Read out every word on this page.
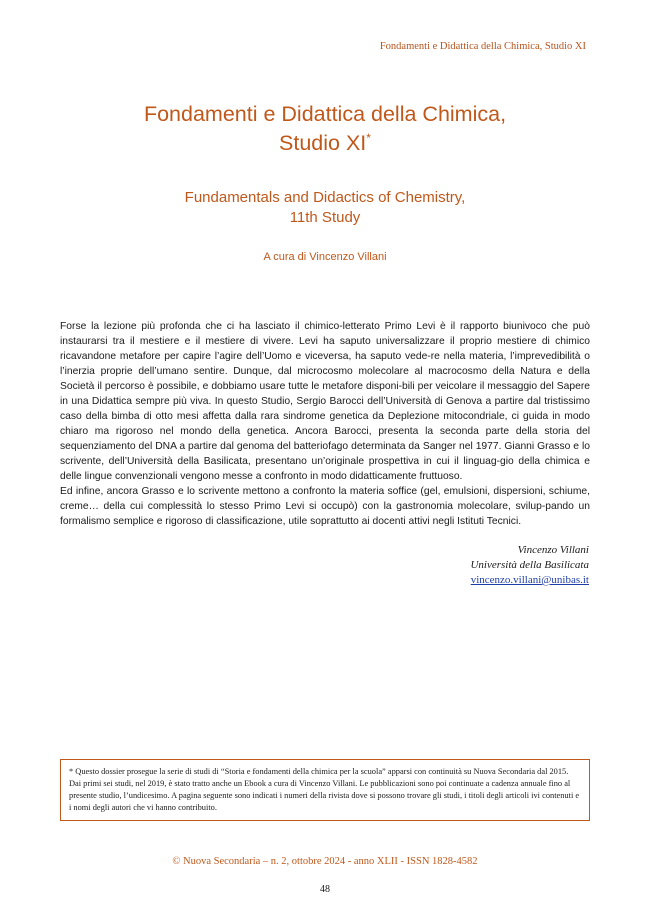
Fondamenti e Didattica della Chimica, Studio XI
Fondamenti e Didattica della Chimica,
Studio XI*
Fundamentals and Didactics of Chemistry,
11th Study
A cura di Vincenzo Villani

Forse la lezione più profonda che ci ha lasciato il chimico-letterato Primo Levi è il rapporto biunivoco che può instaurarsi tra il mestiere e il mestiere di vivere. Levi ha saputo universalizzare il proprio mestiere di chimico ricavandone metafore per capire l’agire dell’Uomo e viceversa, ha saputo vede-re nella materia, l’imprevedibilità o l’inerzia proprie dell’umano sentire. Dunque, dal microcosmo molecolare al macrocosmo della Natura e della Società il percorso è possibile, e dobbiamo usare tutte le metafore disponi-bili per veicolare il messaggio del Sapere in una Didattica sempre più viva. In questo Studio, Sergio Barocci dell’Università di Genova a partire dal tristissimo caso della bimba di otto mesi affetta dalla rara sindrome genetica da Deplezione mitocondriale, ci guida in modo chiaro ma rigoroso nel mondo della genetica. Ancora Barocci, presenta la seconda parte della storia del sequenziamento del DNA a partire dal genoma del batteriofago determinata da Sanger nel 1977. Gianni Grasso e lo scrivente, dell’Università della Basilicata, presentano un’originale prospettiva in cui il linguag-gio della chimica e delle lingue convenzionali vengono messe a confronto in modo didatticamente fruttuoso.

Ed infine, ancora Grasso e lo scrivente mettono a confronto la materia soffice (gel, emulsioni, dispersioni, schiume, creme… della cui complessità lo stesso Primo Levi si occupò) con la gastronomia molecolare, svilup-pando un formalismo semplice e rigoroso di classificazione, utile soprattutto ai docenti attivi negli Istituti Tecnici.

Vincenzo Villani
Università della Basilicata
vincenzo.villani@unibas.it
* Questo dossier prosegue la serie di studi di “Storia e fondamenti della chimica per la scuola” apparsi con continuità su Nuova Secondaria dal 2015. Dai primi sei studi, nel 2019, è stato tratto anche un Ebook a cura di Vincenzo Villani. Le pubblicazioni sono poi continuate a cadenza annuale fino al presente studio, l’undicesimo. A pagina seguente sono indicati i numeri della rivista dove si possono trovare gli studi, i titoli degli articoli ivi contenuti e i nomi degli autori che vi hanno contribuito.
© Nuova Secondaria – n. 2, ottobre 2024 - anno XLII - ISSN 1828-4582
48
